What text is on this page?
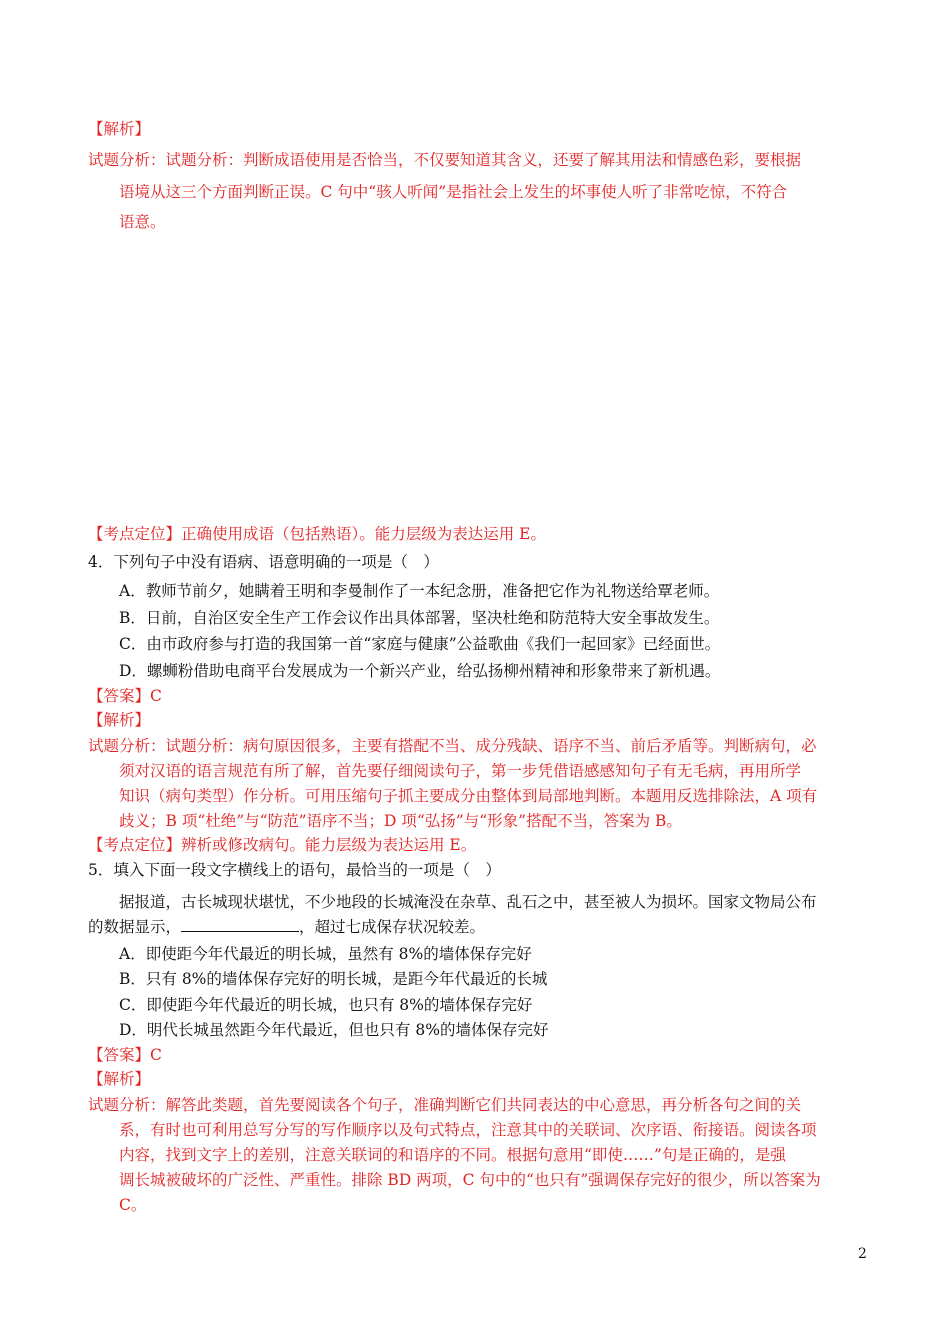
【解析】
试题分析：试题分析：判断成语使用是否恰当，不仅要知道其含义，还要了解其用法和情感色彩，要根据
语境从这三个方面判断正误。C 句中“骇人听闻”是指社会上发生的坏事使人听了非常吃惊，不符合
语意。
【考点定位】正确使用成语（包括熟语）。能力层级为表达运用 E。
4．下列句子中没有语病、语意明确的一项是（　）
A．教师节前夕，她瞒着王明和李曼制作了一本纪念册，准备把它作为礼物送给覃老师。
B．日前，自治区安全生产工作会议作出具体部署，坚决杜绝和防范特大安全事故发生。
C．由市政府参与打造的我国第一首“家庭与健康”公益歌曲《我们一起回家》已经面世。
D．螺蛳粉借助电商平台发展成为一个新兴产业，给弘扬柳州精神和形象带来了新机遇。
【答案】C
【解析】
试题分析：试题分析：病句原因很多，主要有搭配不当、成分残缺、语序不当、前后矛盾等。判断病句，必
须对汉语的语言规范有所了解，首先要仔细阅读句子，第一步凭借语感感知句子有无毛病，再用所学
知识（病句类型）作分析。可用压缩句子抓主要成分由整体到局部地判断。本题用反选排除法，A 项有
歧义；B 项“杜绝”与“防范”语序不当；D 项“弘扬”与“形象”搭配不当，答案为 B。
【考点定位】辨析或修改病句。能力层级为表达运用 E。
5．填入下面一段文字横线上的语句，最恰当的一项是（　）
据报道，古长城现状堪忧，不少地段的长城淹没在杂草、乱石之中，甚至被人为损坏。国家文物局公布
的数据显示，	，超过七成保存状况较差。
A．即使距今年代最近的明长城，虽然有 8%的墙体保存完好
B．只有 8%的墙体保存完好的明长城，是距今年代最近的长城
C．即使距今年代最近的明长城，也只有 8%的墙体保存完好
D．明代长城虽然距今年代最近，但也只有 8%的墙体保存完好
【答案】C
【解析】
试题分析：解答此类题，首先要阅读各个句子，准确判断它们共同表达的中心意思，再分析各句之间的关
系，有时也可利用总写分写的写作顺序以及句式特点，注意其中的关联词、次序语、衔接语。阅读各项
内容，找到文字上的差别，注意关联词的和语序的不同。根据句意用“即使……”句是正确的，是强
调长城被破坏的广泛性、严重性。排除 BD 两项，C 句中的“也只有”强调保存完好的很少，所以答案为
C。
2
